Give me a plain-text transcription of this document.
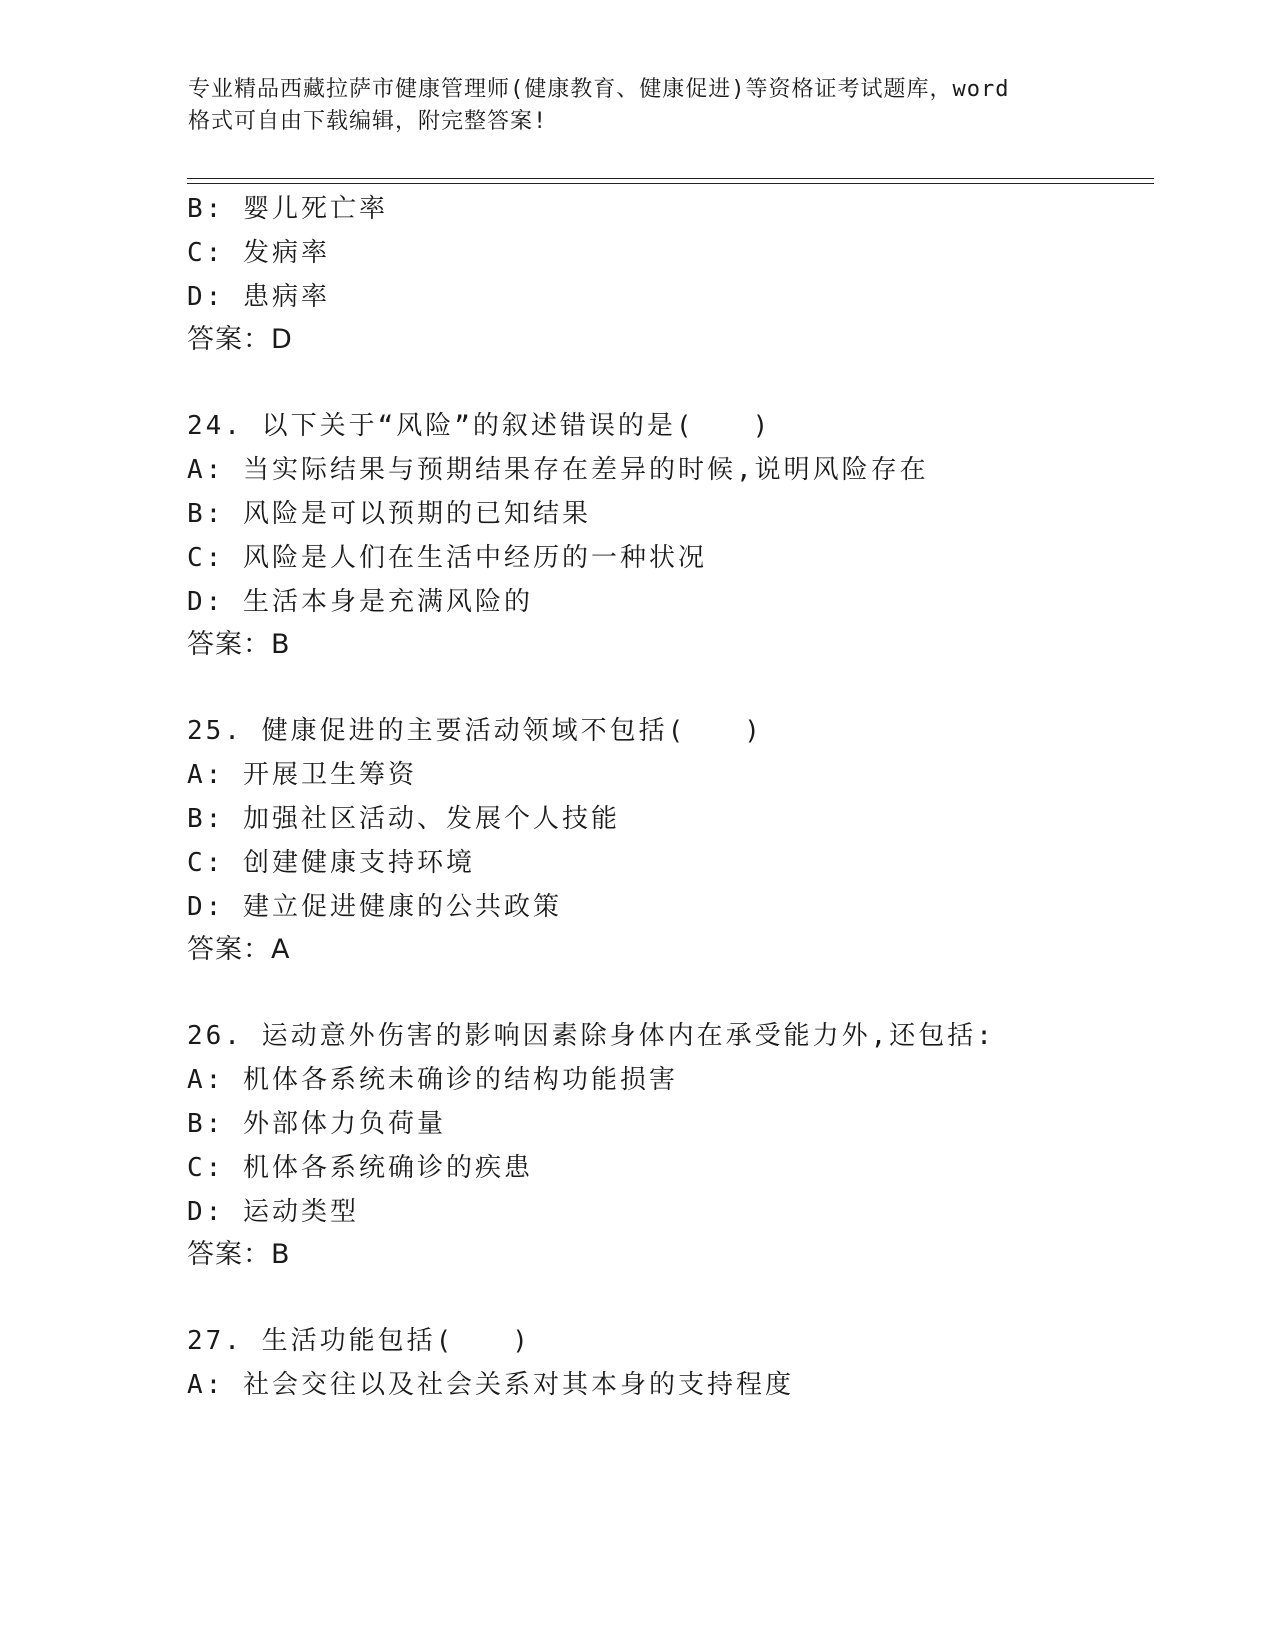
专业精品西藏拉萨市健康管理师(健康教育、健康促进)等资格证考试题库，word
格式可自由下载编辑，附完整答案!
B: 婴儿死亡率
C: 发病率
D: 患病率
答案：D
24. 以下关于“风险”的叙述错误的是(　　)
A: 当实际结果与预期结果存在差异的时候,说明风险存在
B: 风险是可以预期的已知结果
C: 风险是人们在生活中经历的一种状况
D: 生活本身是充满风险的
答案：B
25. 健康促进的主要活动领域不包括(　　)
A: 开展卫生筹资
B: 加强社区活动、发展个人技能
C: 创建健康支持环境
D: 建立促进健康的公共政策
答案：A
26. 运动意外伤害的影响因素除身体内在承受能力外,还包括:
A: 机体各系统未确诊的结构功能损害
B: 外部体力负荷量
C: 机体各系统确诊的疾患
D: 运动类型
答案：B
27. 生活功能包括(　　)
A: 社会交往以及社会关系对其本身的支持程度
